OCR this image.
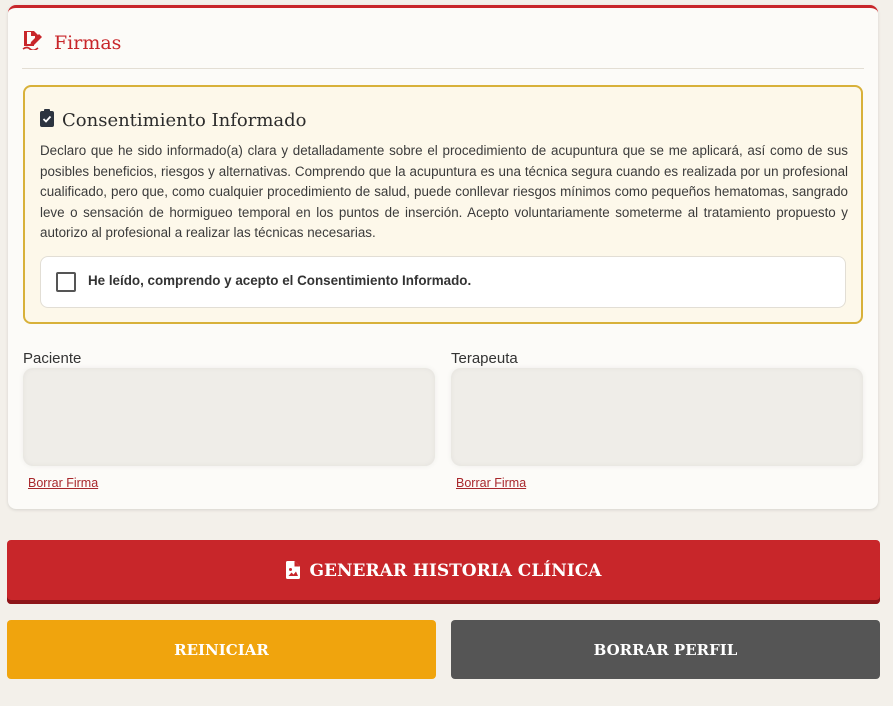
Firmas
Consentimiento Informado

Declaro que he sido informado(a) clara y detalladamente sobre el procedimiento de acupuntura que se me aplicará, así como de sus posibles beneficios, riesgos y alternativas. Comprendo que la acupuntura es una técnica segura cuando es realizada por un profesional cualificado, pero que, como cualquier procedimiento de salud, puede conllevar riesgos mínimos como pequeños hematomas, sangrado leve o sensación de hormigueo temporal en los puntos de inserción. Acepto voluntariamente someterme al tratamiento propuesto y autorizo al profesional a realizar las técnicas necesarias.

He leído, comprendo y acepto el Consentimiento Informado.
Paciente
Borrar Firma
Terapeuta
Borrar Firma
GENERAR HISTORIA CLÍNICA
REINICIAR	BORRAR PERFIL
